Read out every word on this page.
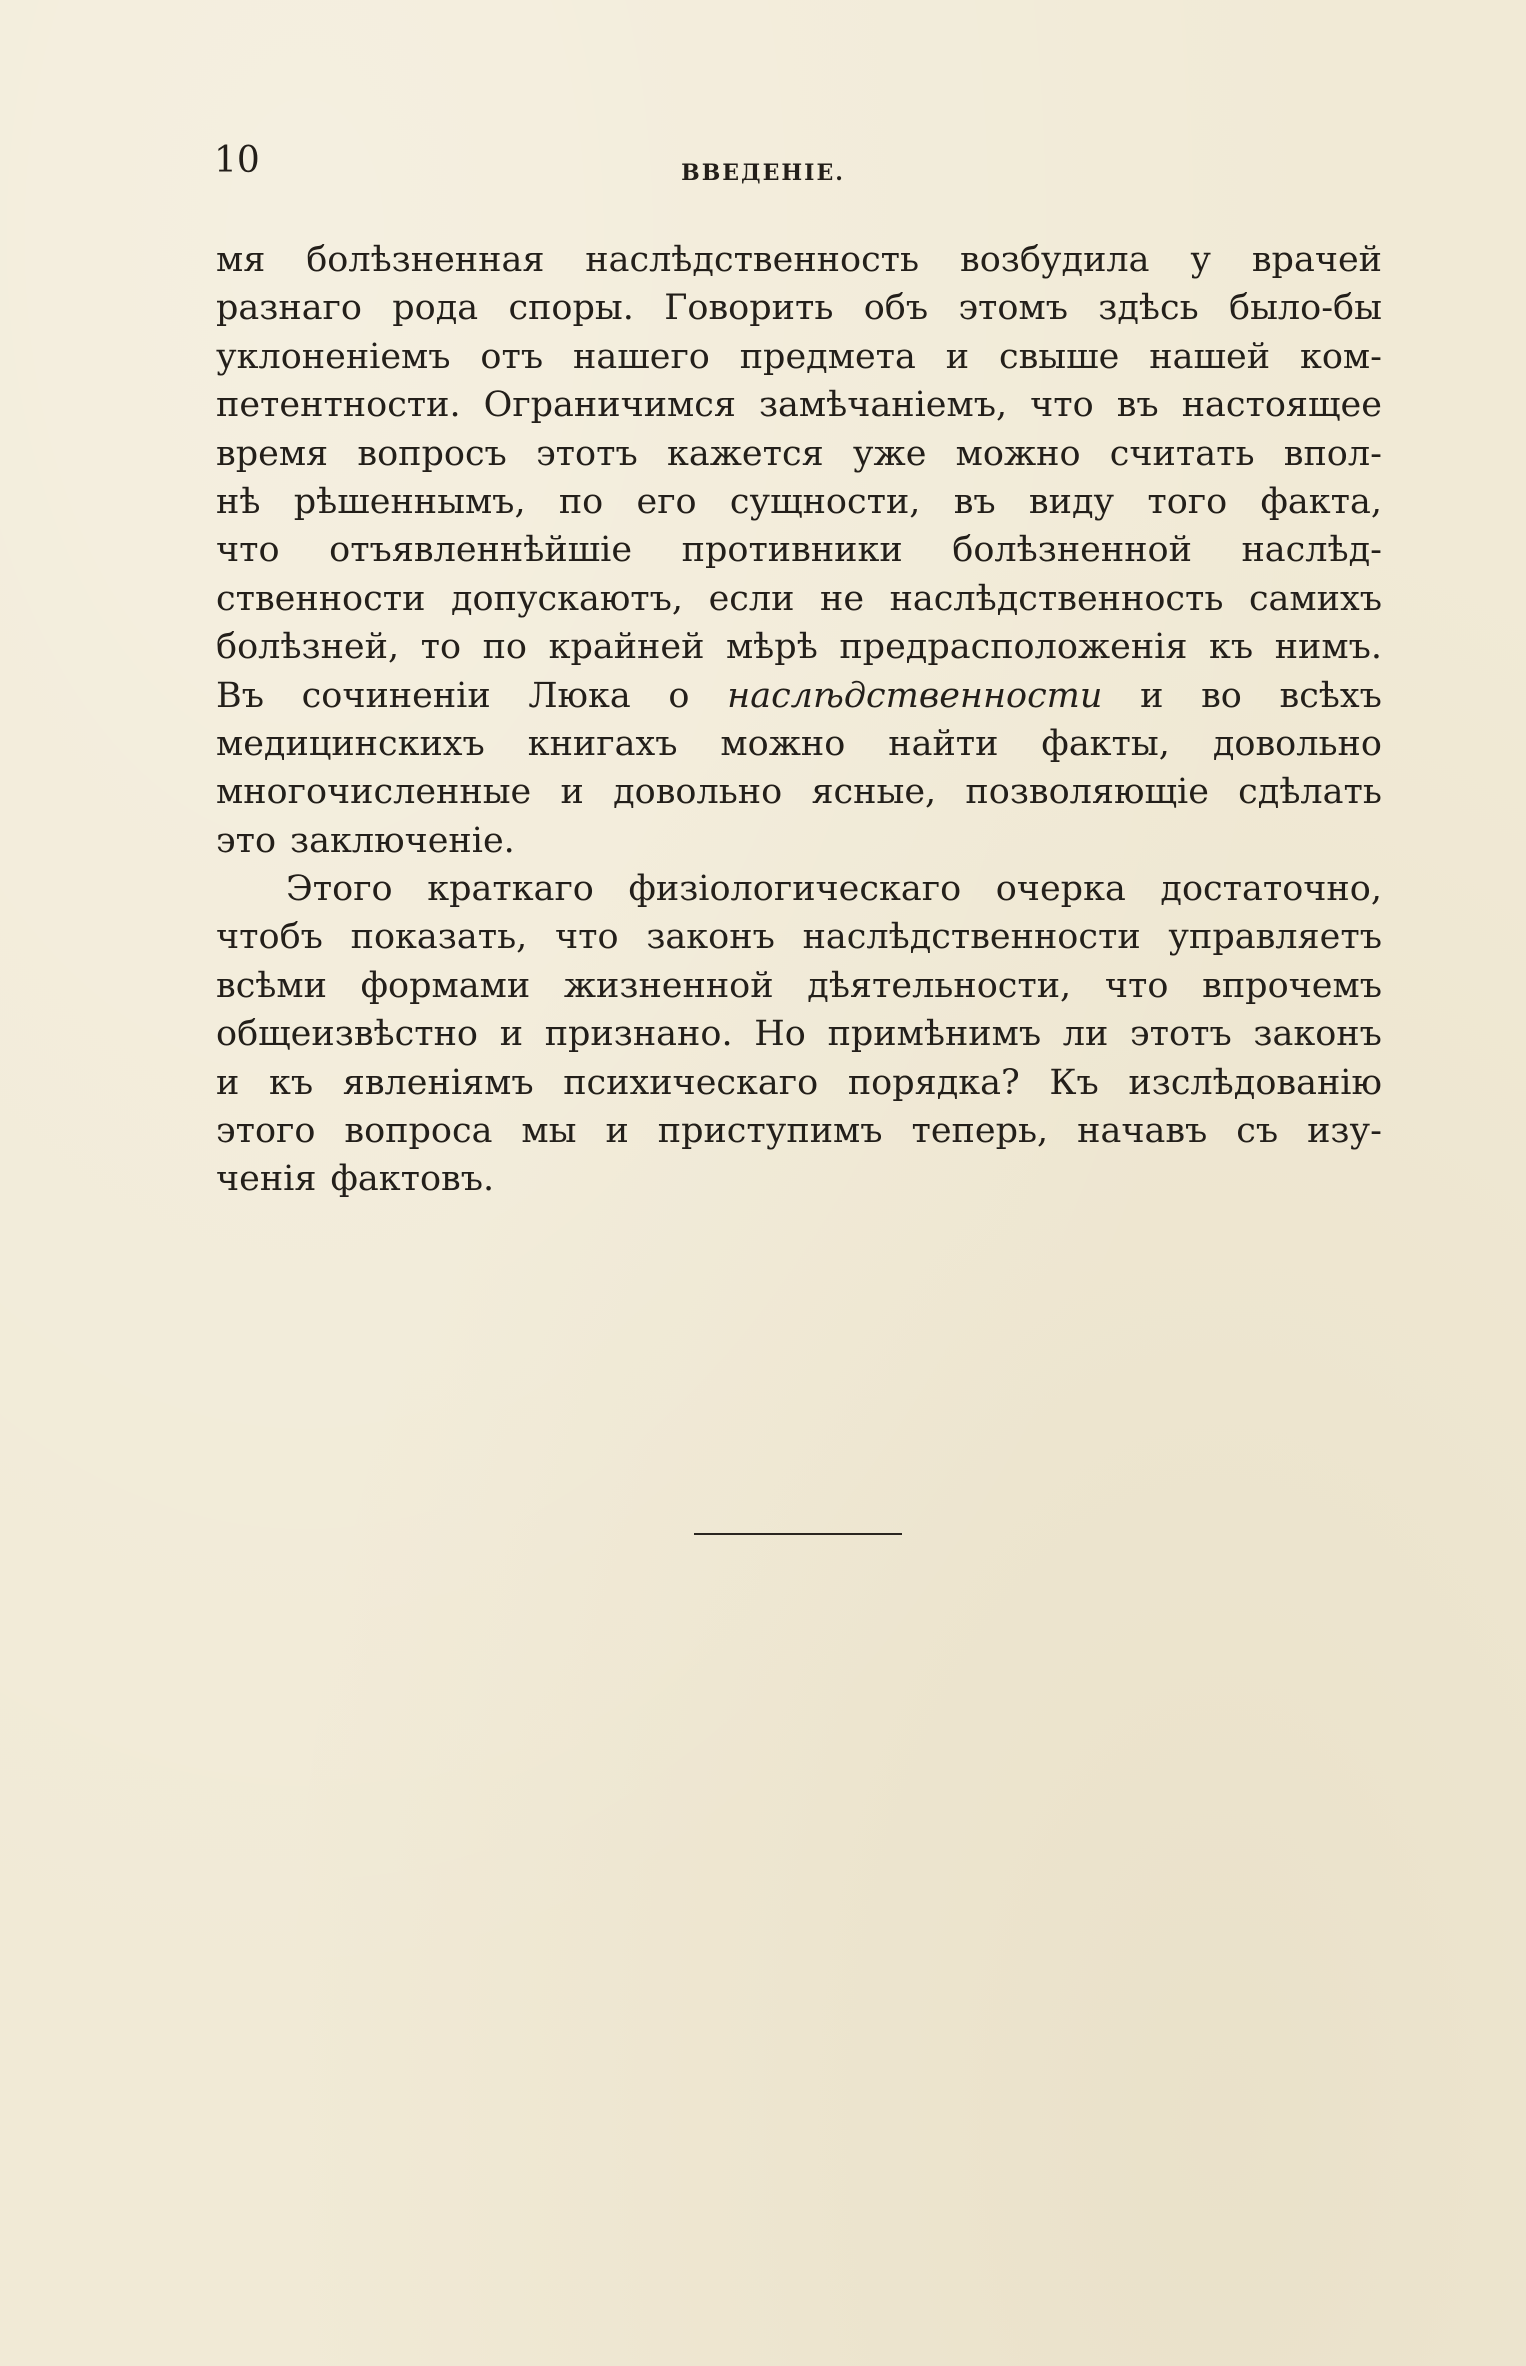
10	ВВЕДЕНІЕ.
мя болѣзненная наслѣдственность возбудила у врачей
разнаго рода споры. Говорить объ этомъ здѣсь было-бы
уклоненіемъ отъ нашего предмета и свыше нашей ком-
петентности. Ограничимся замѣчаніемъ, что въ настоящее
время вопросъ этотъ кажется уже можно считать впол-
нѣ рѣшеннымъ, по его сущности, въ виду того факта,
что отъявленнѣйшіе противники болѣзненной наслѣд-
ственности допускаютъ, если не наслѣдственность самихъ
болѣзней, то по крайней мѣрѣ предрасположенія къ нимъ.
Въ сочиненіи Люка о наслѣдственности и во всѣхъ
медицинскихъ книгахъ можно найти факты, довольно
многочисленные и довольно ясные, позволяющіе сдѣлать
это заключеніе.
Этого краткаго физіологическаго очерка достаточно,
чтобъ показать, что законъ наслѣдственности управляетъ
всѣми формами жизненной дѣятельности, что впрочемъ
общеизвѣстно и признано. Но примѣнимъ ли этотъ законъ
и къ явленіямъ психическаго порядка? Къ изслѣдованію
этого вопроса мы и приступимъ теперь, начавъ съ изу-
ченія фактовъ.
